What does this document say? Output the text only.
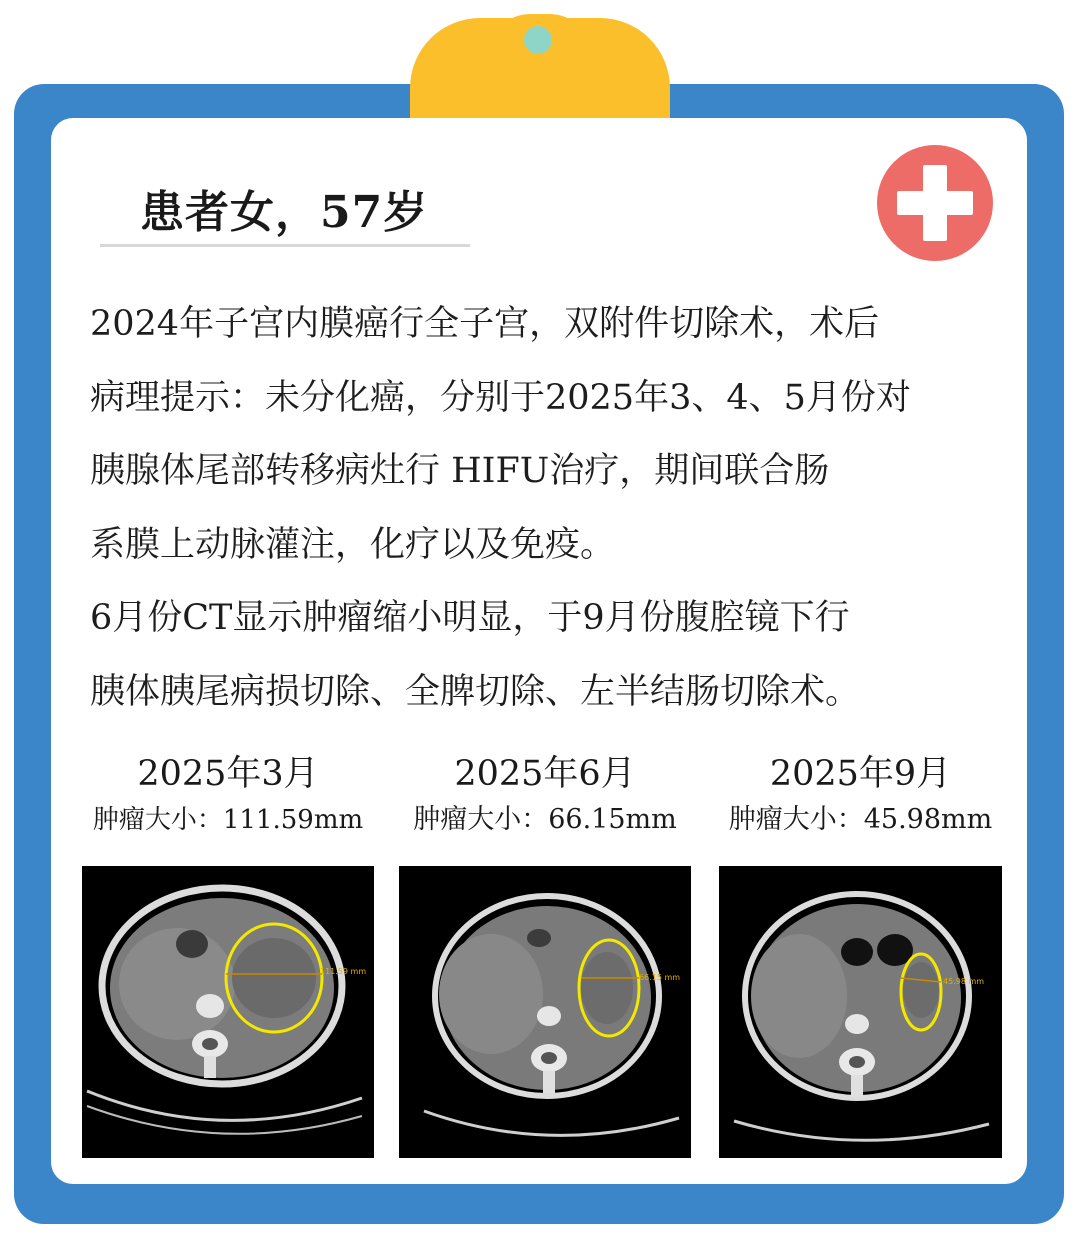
患者女，57岁

2024年子宫内膜癌行全子宫，双附件切除术，术后

病理提示：未分化癌，分别于2025年3、4、5月份对

胰腺体尾部转移病灶行 HIFU治疗，期间联合肠

系膜上动脉灌注，化疗以及免疫。

6月份CT显示肿瘤缩小明显，于9月份腹腔镜下行

胰体胰尾病损切除、全脾切除、左半结肠切除术。

2025年3月
肿瘤大小：111.59mm
111.59 mm
2025年6月
肿瘤大小：66.15mm
66.15 mm
2025年9月
肿瘤大小：45.98mm
45.98 mm
